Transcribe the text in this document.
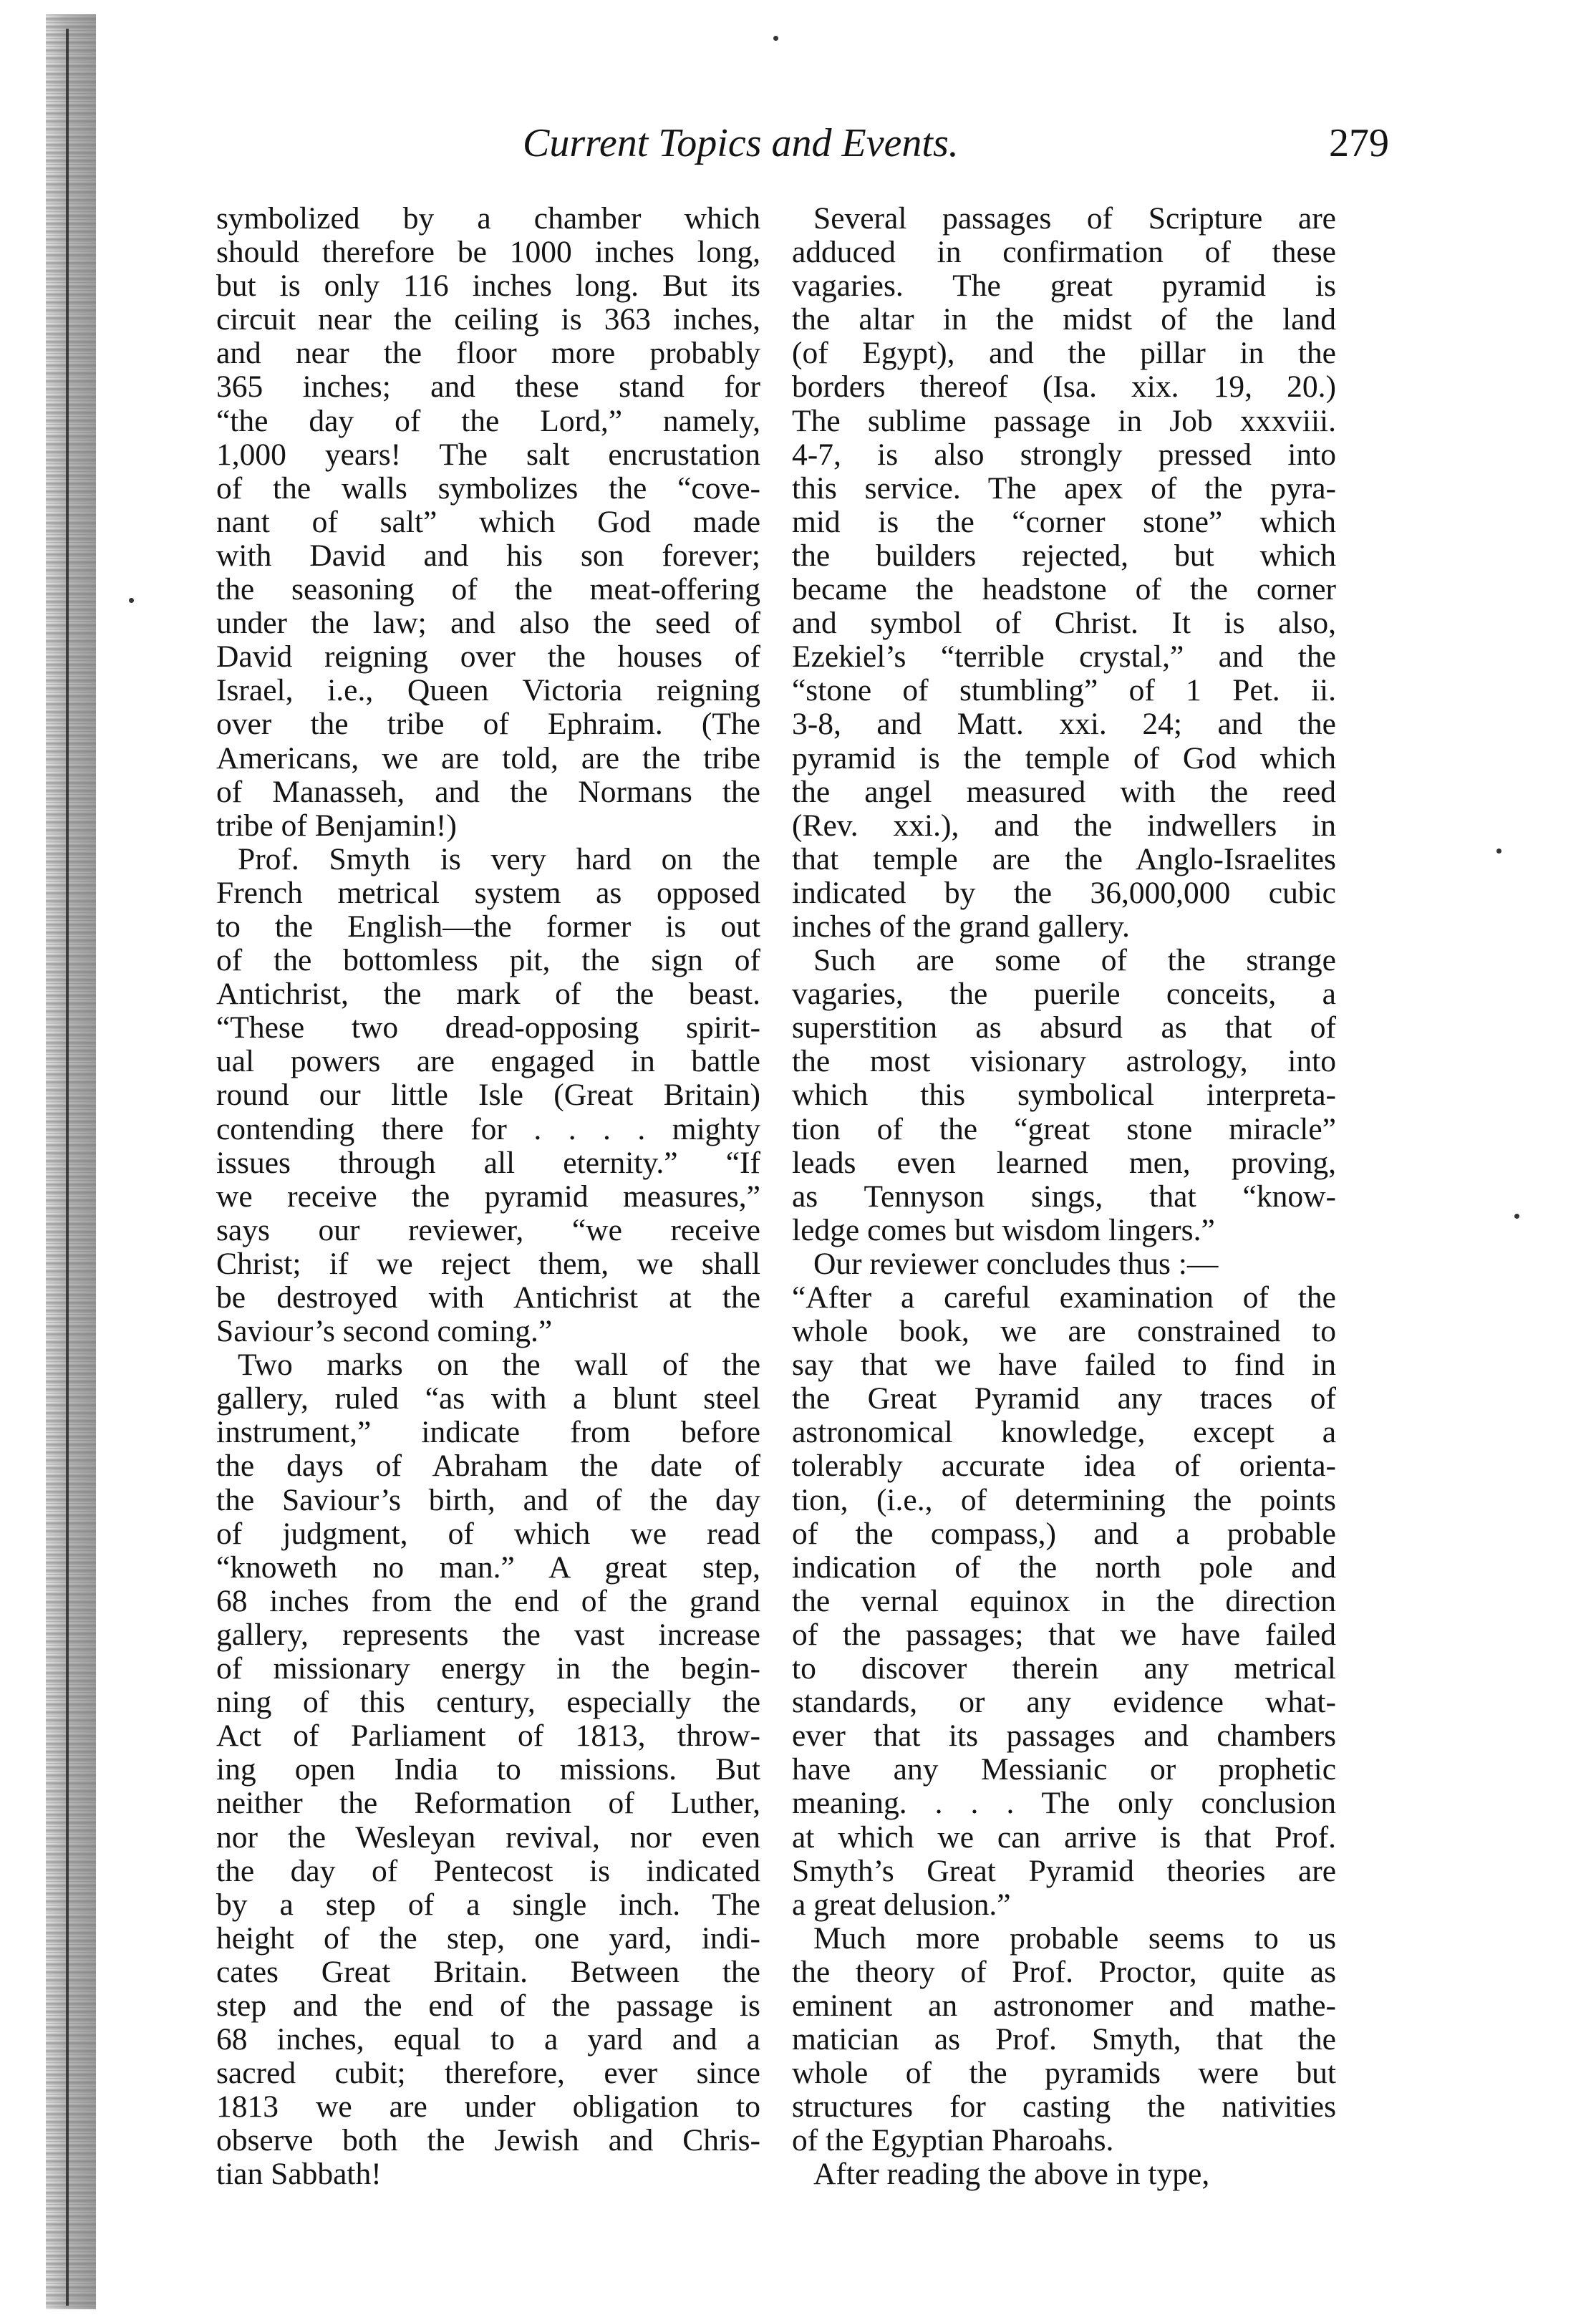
Current Topics and Events.	279
symbolized by a chamber which
should therefore be 1000 inches long,
but is only 116 inches long. But its
circuit near the ceiling is 363 inches,
and near the floor more probably
365 inches; and these stand for
“the day of the Lord,” namely,
1,000 years! The salt encrustation
of the walls symbolizes the “cove-
nant of salt” which God made
with David and his son forever;
the seasoning of the meat-offering
under the law; and also the seed of
David reigning over the houses of
Israel, i.e., Queen Victoria reigning
over the tribe of Ephraim. (The
Americans, we are told, are the tribe
of Manasseh, and the Normans the
tribe of Benjamin!)
Prof. Smyth is very hard on the
French metrical system as opposed
to the English—the former is out
of the bottomless pit, the sign of
Antichrist, the mark of the beast.
“These two dread-opposing spirit-
ual powers are engaged in battle
round our little Isle (Great Britain)
contending there for . . . . mighty
issues through all eternity.” “If
we receive the pyramid measures,”
says our reviewer, “we receive
Christ; if we reject them, we shall
be destroyed with Antichrist at the
Saviour’s second coming.”
Two marks on the wall of the
gallery, ruled “as with a blunt steel
instrument,” indicate from before
the days of Abraham the date of
the Saviour’s birth, and of the day
of judgment, of which we read
“knoweth no man.” A great step,
68 inches from the end of the grand
gallery, represents the vast increase
of missionary energy in the begin-
ning of this century, especially the
Act of Parliament of 1813, throw-
ing open India to missions. But
neither the Reformation of Luther,
nor the Wesleyan revival, nor even
the day of Pentecost is indicated
by a step of a single inch. The
height of the step, one yard, indi-
cates Great Britain. Between the
step and the end of the passage is
68 inches, equal to a yard and a
sacred cubit; therefore, ever since
1813 we are under obligation to
observe both the Jewish and Chris-
tian Sabbath!
Several passages of Scripture are
adduced in confirmation of these
vagaries. The great pyramid is
the altar in the midst of the land
(of Egypt), and the pillar in the
borders thereof (Isa. xix. 19, 20.)
The sublime passage in Job xxxviii.
4-7, is also strongly pressed into
this service. The apex of the pyra-
mid is the “corner stone” which
the builders rejected, but which
became the headstone of the corner
and symbol of Christ. It is also,
Ezekiel’s “terrible crystal,” and the
“stone of stumbling” of 1 Pet. ii.
3-8, and Matt. xxi. 24; and the
pyramid is the temple of God which
the angel measured with the reed
(Rev. xxi.), and the indwellers in
that temple are the Anglo-Israelites
indicated by the 36,000,000 cubic
inches of the grand gallery.
Such are some of the strange
vagaries, the puerile conceits, a
superstition as absurd as that of
the most visionary astrology, into
which this symbolical interpreta-
tion of the “great stone miracle”
leads even learned men, proving,
as Tennyson sings, that “know-
ledge comes but wisdom lingers.”
Our reviewer concludes thus :—
“After a careful examination of the
whole book, we are constrained to
say that we have failed to find in
the Great Pyramid any traces of
astronomical knowledge, except a
tolerably accurate idea of orienta-
tion, (i.e., of determining the points
of the compass,) and a probable
indication of the north pole and
the vernal equinox in the direction
of the passages; that we have failed
to discover therein any metrical
standards, or any evidence what-
ever that its passages and chambers
have any Messianic or prophetic
meaning. . . . The only conclusion
at which we can arrive is that Prof.
Smyth’s Great Pyramid theories are
a great delusion.”
Much more probable seems to us
the theory of Prof. Proctor, quite as
eminent an astronomer and mathe-
matician as Prof. Smyth, that the
whole of the pyramids were but
structures for casting the nativities
of the Egyptian Pharoahs.
After reading the above in type,
